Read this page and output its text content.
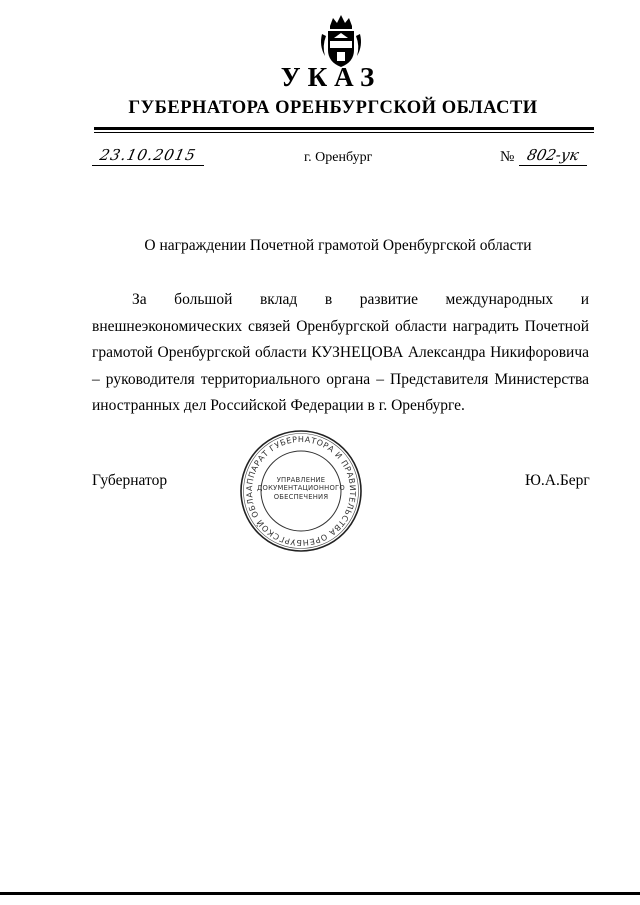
УКАЗ
ГУБЕРНАТОРА ОРЕНБУРГСКОЙ ОБЛАСТИ
23.10.2015	г. Оренбург	№ 802-ук
О награждении Почетной грамотой Оренбургской области

За большой вклад в развитие международных и внешнеэкономических связей Оренбургской области наградить Почетной грамотой Оренбургской области КУЗНЕЦОВА Александра Никифоровича – руководителя территориального органа – Представителя Министерства иностранных дел Российской Федерации в г. Оренбурге.

Губернатор	Ю.А.Берг
АППАРАТ ГУБЕРНАТОРА И ПРАВИТЕЛЬСТВА ОРЕНБУРГСКОЙ ОБЛА
УПРАВЛЕНИЕ
ДОКУМЕНТАЦИОННОГО
ОБЕСПЕЧЕНИЯ
